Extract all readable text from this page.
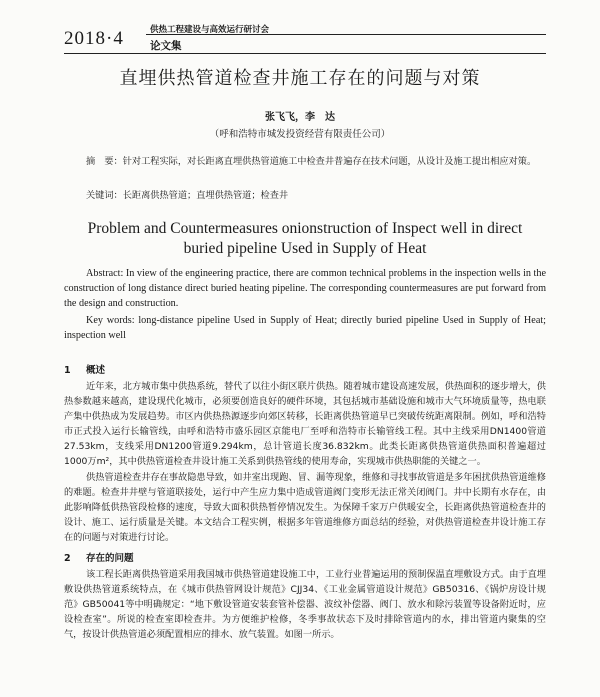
2018·4	供热工程建设与高效运行研讨会
论文集
直埋供热管道检查井施工存在的问题与对策
张飞飞，李　达
（呼和浩特市城发投资经营有限责任公司）
摘　要：针对工程实际，对长距离直埋供热管道施工中检查井普遍存在技术问题，从设计及施工提出相应对策。
关键词：长距离供热管道；直埋供热管道；检查井
Problem and Countermeasures onionstruction of Inspect well in direct buried pipeline Used in Supply of Heat
Abstract: In view of the engineering practice, there are common technical problems in the inspection wells in the construction of long distance direct buried heating pipeline. The corresponding countermeasures are put forward from the design and construction.
Key words: long-distance pipeline Used in Supply of Heat; directly buried pipeline Used in Supply of Heat; inspection well
1 概述
近年来，北方城市集中供热系统，替代了以往小街区联片供热。随着城市建设高速发展，供热面积的逐步增大，供热参数越来越高，建设现代化城市，必须要创造良好的硬件环境，其包括城市基础设施和城市大气环境质量等，热电联产集中供热成为发展趋势。市区内供热热源逐步向郊区转移，长距离供热管道早已突破传统距离限制。例如，呼和浩特市正式投入运行长输管线，由呼和浩特市盛乐园区京能电厂至呼和浩特市长输管线工程。其中主线采用DN1400管道27.53km，支线采用DN1200管道9.294km，总计管道长度36.832km。此类长距离供热管道供热面积普遍超过1000万m²，其中供热管道检查井设计施工关系到供热管线的使用寿命，实现城市供热职能的关键之一。
供热管道检查井存在事故隐患导致，如井室出现跑、冒、漏等现象，维修和寻找事故管道是多年困扰供热管道维修的难题。检查井井壁与管道联接处，运行中产生应力集中造成管道阀门变形无法正常关闭阀门。井中长期有水存在，由此影响降低供热管段检修的速度，导致大面积供热暂停情况发生。为保障千家万户供暖安全，长距离供热管道检查井的设计、施工、运行质量是关键。本文结合工程实例，根据多年管道维修方面总结的经验，对供热管道检查井设计施工存在的问题与对策进行讨论。
2 存在的问题
该工程长距离供热管道采用我国城市供热管道建设施工中，工业行业普遍运用的预制保温直埋敷设方式。由于直埋敷设供热管道系统特点，在《城市供热管网设计规范》CJJ34、《工业金属管道设计规范》GB50316、《锅炉房设计规范》GB50041等中明确规定：“地下敷设管道安装套管补偿器、波纹补偿器、阀门、放水和除污装置等设备附近时，应设检查室”。所说的检查室即检查井。为方便维护检修，冬季事故状态下及时排除管道内的水，排出管道内聚集的空气，按设计供热管道必须配置相应的排水、放气装置。如图一所示。
